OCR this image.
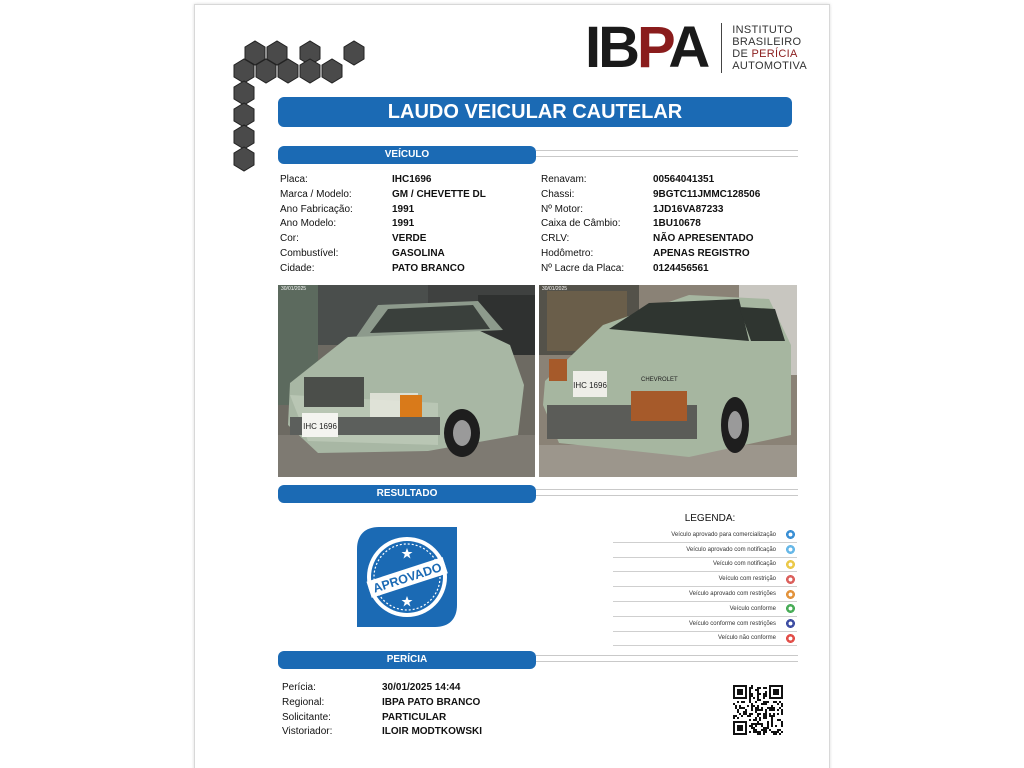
IBPA INSTITUTO
BRASILEIRO
DE PERÍCIA
AUTOMOTIVA
LAUDO VEICULAR CAUTELAR
VEÍCULO
Placa:	IHC1696
Marca / Modelo:	GM / CHEVETTE DL
Ano Fabricação:	1991
Ano Modelo:	1991
Cor:	VERDE
Combustível:	GASOLINA
Cidade:	PATO BRANCO
Renavam:	00564041351
Chassi:	9BGTC11JMMC128506
Nº Motor:	1JD16VA87233
Caixa de Câmbio:	1BU10678
CRLV:	NÃO APRESENTADO
Hodômetro:	APENAS REGISTRO
Nº Lacre da Placa:	0124456561
IHC 1696
30/01/2025
IHC 1696
CHEVROLET
30/01/2025
RESULTADO
APROVADO
LEGENDA:
Veículo aprovado para comercialização
Veículo aprovado com notificação
Veículo com notificação
Veículo com restrição
Veículo aprovado com restrições
Veículo conforme
Veículo conforme com restrições
Veículo não conforme
PERÍCIA
Perícia:	30/01/2025 14:44
Regional:	IBPA PATO BRANCO
Solicitante:	PARTICULAR
Vistoriador:	ILOIR MODTKOWSKI
